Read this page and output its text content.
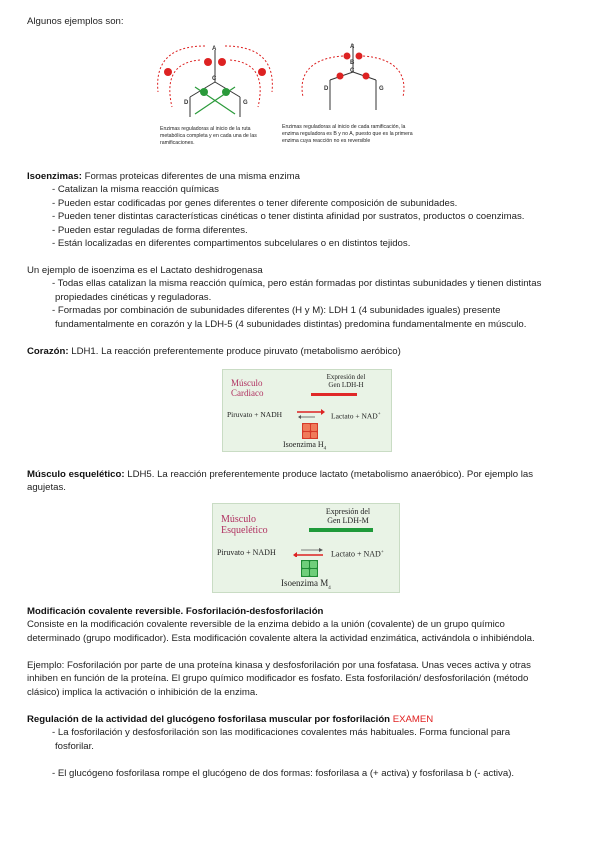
Algunos ejemplos son:

A
C
D	G
A
B
C
D	G
Enzimas reguladoras al inicio de la ruta metabólica completa y en cada una de las ramificaciones.
Enzimas reguladoras al inicio de cada ramificación, la enzima reguladora es B y no A, puesto que es la primera enzima cuya reacción no es reversible

Isoenzimas: Formas proteicas diferentes de una misma enzima

- Catalizan la misma reacción químicas

- Pueden estar codificadas por genes diferentes o tener diferente composición de subunidades.

- Pueden tener distintas características cinéticas o tener distinta afinidad por sustratos, productos o coenzimas.

- Pueden estar reguladas de forma diferentes.

- Están localizadas en diferentes compartimentos subcelulares o en distintos tejidos.

Un ejemplo de isoenzima es el Lactato deshidrogenasa

- Todas ellas catalizan la misma reacción química, pero están formadas por distintas subunidades y tienen distintas

propiedades cinéticas y reguladoras.

- Formadas por combinación de subunidades diferentes (H y M): LDH 1 (4 subunidades iguales) presente

fundamentalmente en corazón y la LDH-5 (4 subunidades distintas) predomina fundamentalmente en músculo.

Corazón: LDH1. La reacción preferentemente produce piruvato (metabolismo aeróbico)

Músculo
Cardiaco
Expresión del
Gen LDH-H
Piruvato + NADH	Lactato + NAD+
Isoenzima $H_4$

Músculo esquelético: LDH5. La reacción preferentemente produce lactato (metabolismo anaeróbico). Por ejemplo las

agujetas.

Músculo
Esquelético
Expresión del
Gen LDH-M
Piruvato + NADH	Lactato + NAD+
Isoenzima $M_4$

Modificación covalente reversible. Fosforilación-desfosforilación

Consiste en la modificación covalente reversible de la enzima debido a la unión (covalente) de un grupo químico

determinado (grupo modificador). Esta modificación covalente altera la actividad enzimática, activándola o inhibiéndola.

Ejemplo: Fosforilación por parte de una proteína kinasa y desfosforilación por una fosfatasa. Unas veces activa y otras

inhiben en función de la proteína. El grupo químico modificador es fosfato. Esta fosforilación/ desfosforilación (método

clásico) implica la activación o inhibición de la enzima.

Regulación de la actividad del glucógeno fosforilasa muscular por fosforilación EXAMEN

- La fosforilación y desfosforilación son las modificaciones covalentes más habituales. Forma funcional para

fosforilar.

- El glucógeno fosforilasa rompe el glucógeno de dos formas: fosforilasa a (+ activa) y fosforilasa b (- activa).
